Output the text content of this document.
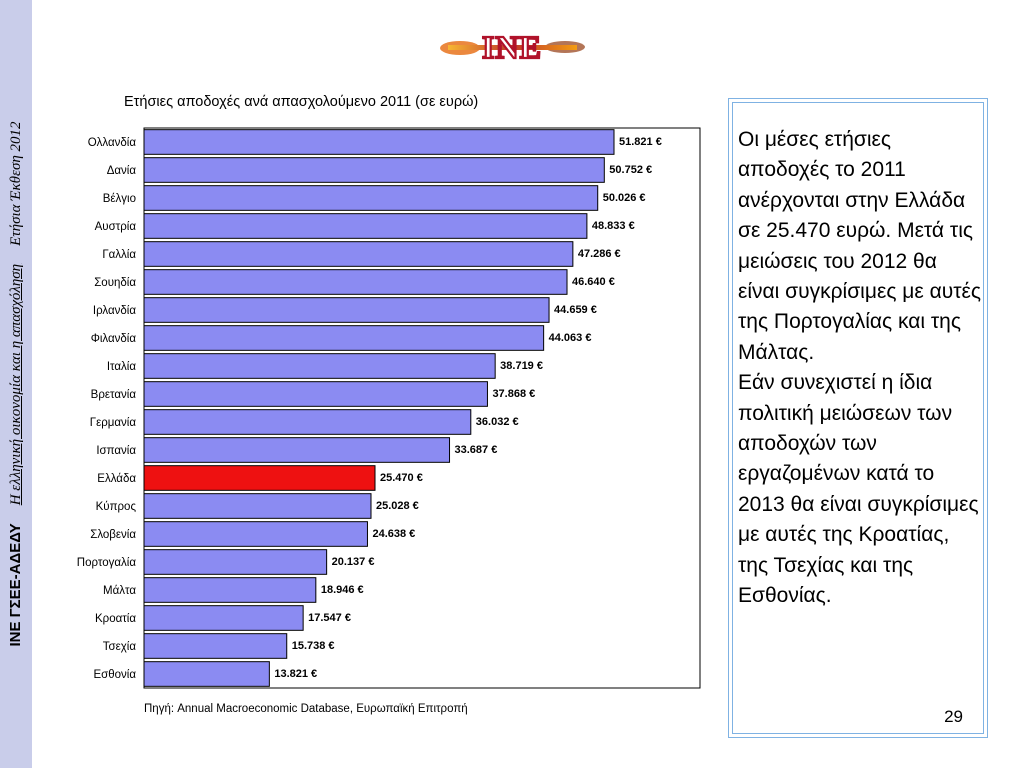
ΙΝΕ ΓΣΕΕ-ΑΔΕΔΥΗ ελληνική οικονομία και η απασχόλησηΕτήσια Έκθεση 2012
INE
Ετήσιες αποδοχές ανά απασχολούμενο 2011 (σε ευρώ)
Ολλανδία	51.821 €
Δανία	50.752 €
Βέλγιο	50.026 €
Αυστρία	48.833 €
Γαλλία	47.286 €
Σουηδία	46.640 €
Ιρλανδία	44.659 €
Φιλανδία	44.063 €
Ιταλία	38.719 €
Βρετανία	37.868 €
Γερμανία	36.032 €
Ισπανία	33.687 €
Ελλάδα	25.470 €
Κύπρος	25.028 €
Σλοβενία	24.638 €
Πορτογαλία	20.137 €
Μάλτα	18.946 €
Κροατία	17.547 €
Τσεχία	15.738 €
Εσθονία	13.821 €
Πηγή: Annual Macroeconomic Database, Ευρωπαϊκή Επιτροπή

Οι μέσες ετήσιες αποδοχές το 2011 ανέρχονται στην Ελλάδα σε 25.470 ευρώ. Μετά τις μειώσεις του 2012 θα είναι συγκρίσιμες με αυτές της Πορτογαλίας και της Μάλτας.
Εάν συνεχιστεί η ίδια πολιτική μειώσεων των αποδοχών των εργαζομένων κατά το 2013 θα είναι συγκρίσιμες με αυτές της Κροατίας, της Τσεχίας και της Εσθονίας.

29
